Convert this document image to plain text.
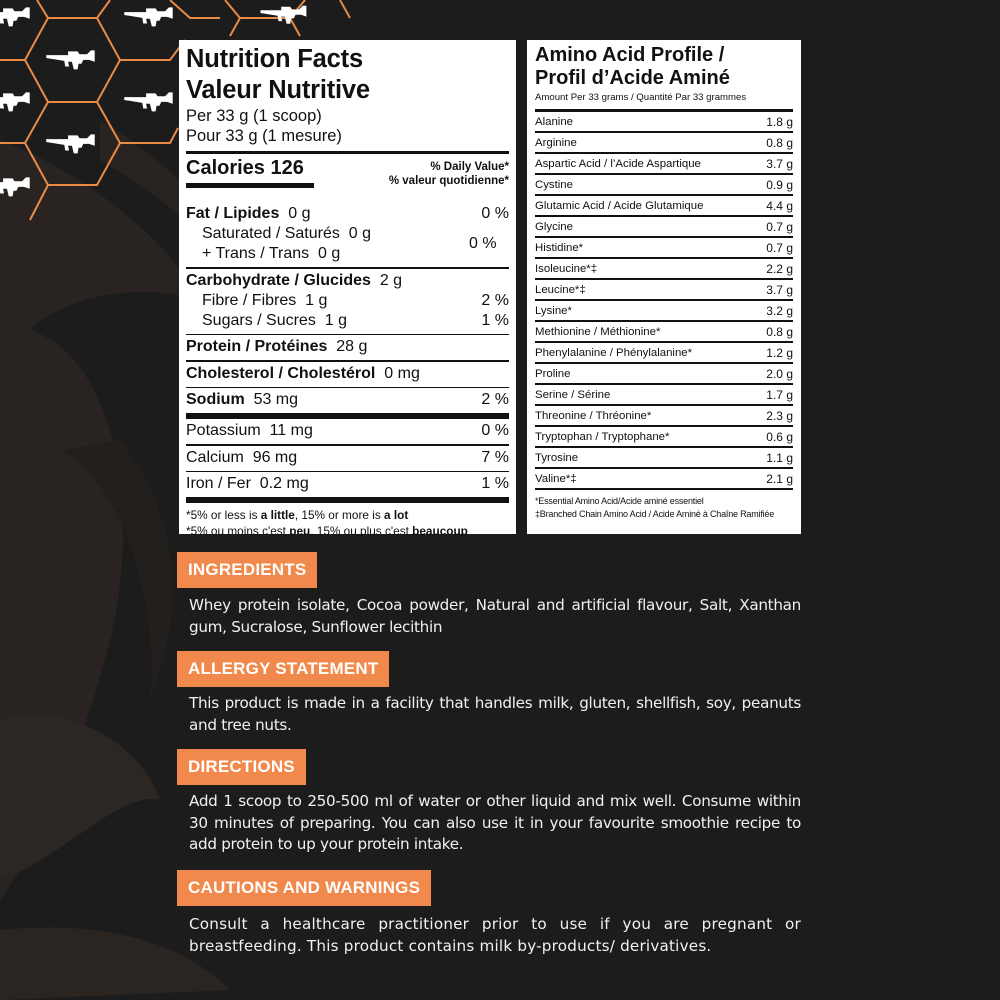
Nutrition Facts
Valeur Nutritive
Per 33 g (1 scoop)
Pour 33 g (1 mesure)
Calories 126	% Daily Value*
% valeur quotidienne*
Fat / Lipides 0 g	0 %
Saturated / Saturés 0 g
+ Trans / Trans 0 g
0 %
Carbohydrate / Glucides 2 g
Fibre / Fibres 1 g	2 %
Sugars / Sucres 1 g	1 %
Protein / Protéines 28 g
Cholesterol / Cholestérol 0 mg
Sodium 53 mg	2 %
Potassium 11 mg	0 %
Calcium 96 mg	7 %
Iron / Fer 0.2 mg	1 %
*5% or less is a little, 15% or more is a lot
*5% ou moins c'est peu, 15% ou plus c'est beaucoup
Amino Acid Profile /
Profil d’Acide Aminé
Amount Per 33 grams / Quantité Par 33 grammes
Alanine	1.8 g
Arginine	0.8 g
Aspartic Acid / l’Acide Aspartique	3.7 g
Cystine	0.9 g
Glutamic Acid / Acide Glutamique	4.4 g
Glycine	0.7 g
Histidine*	0.7 g
Isoleucine*‡	2.2 g
Leucine*‡	3.7 g
Lysine*	3.2 g
Methionine / Méthionine*	0.8 g
Phenylalanine / Phénylalanine*	1.2 g
Proline	2.0 g
Serine / Sérine	1.7 g
Threonine / Thréonine*	2.3 g
Tryptophan / Tryptophane*	0.6 g
Tyrosine	1.1 g
Valine*‡	2.1 g
*Essential Amino Acid/Acide aminé essentiel
‡Branched Chain Amino Acid / Acide Aminé à Chaîne Ramifiée
INGREDIENTS
Whey protein isolate, Cocoa powder, Natural and artificial flavour, Salt, Xanthan gum, Sucralose, Sunflower lecithin
ALLERGY STATEMENT
This product is made in a facility that handles milk, gluten, shellfish, soy, peanuts and tree nuts.
DIRECTIONS
Add 1 scoop to 250-500 ml of water or other liquid and mix well. Consume within 30 minutes of preparing. You can also use it in your favourite smoothie recipe to add protein to up your protein intake.
CAUTIONS AND WARNINGS
Consult a healthcare practitioner prior to use if you are pregnant or breastfeeding. This product contains milk by-products/ derivatives.
